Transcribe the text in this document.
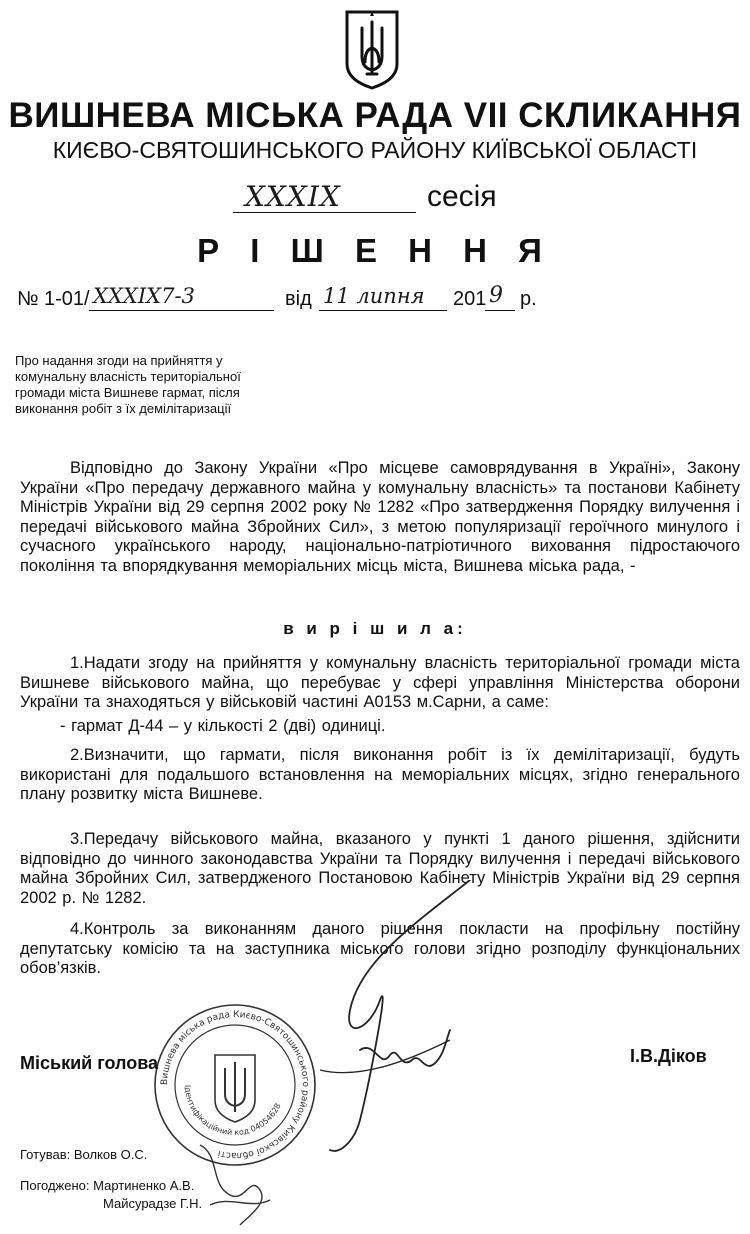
ВИШНЕВА МІСЬКА РАДА VII СКЛИКАННЯ
КИЄВО-СВЯТОШИНСЬКОГО РАЙОНУ КИЇВСЬКОЇ ОБЛАСТІ
XXXIX	сесія
Р І Ш Е Н Н Я
№ 1-01/ XXXIX7-3	від 11 липня 201 9 р.
Про надання згоди на прийняття у комунальну власність територіальної громади міста Вишневе гармат, після виконання робіт з їх демілітаризації
Відповідно до Закону України «Про місцеве самоврядування в Україні», Закону України «Про передачу державного майна у комунальну власність» та постанови Кабінету Міністрів України від 29 серпня 2002 року № 1282 «Про затвердження Порядку вилучення і передачі військового майна Збройних Сил», з метою популяризації героїчного минулого і сучасного українського народу, національно-патріотичного виховання підростаючого покоління та впорядкування меморіальних місць міста, Вишнева міська рада, -
в и р і ш и л а:
1.Надати згоду на прийняття у комунальну власність територіальної громади міста Вишневе військового майна, що перебуває у сфері управління Міністерства оборони України та знаходяться у військовій частині А0153 м.Сарни, а саме:
- гармат Д-44 – у кількості 2 (дві) одиниці.
2.Визначити, що гармати, після виконання робіт із їх демілітаризації, будуть використані для подальшого встановлення на меморіальних місцях, згідно генерального плану розвитку міста Вишневе.
3.Передачу військового майна, вказаного у пункті 1 даного рішення, здійснити відповідно до чинного законодавства України та Порядку вилучення і передачі військового майна Збройних Сил, затвердженого Постановою Кабінету Міністрів України від 29 серпня 2002 р. № 1282.
4.Контроль за виконанням даного рішення покласти на профільну постійну депутатську комісію та на заступника міського голови згідно розподілу функціональних обов’язків.
Вишнева міська рада Києво-Святошинського району Київської області
Ідентифікаційний код 04054628
Міський голова	І.В.Діков
Готував: Волков О.С.
Погоджено: Мартиненко А.В.
Майсурадзе Г.Н.
